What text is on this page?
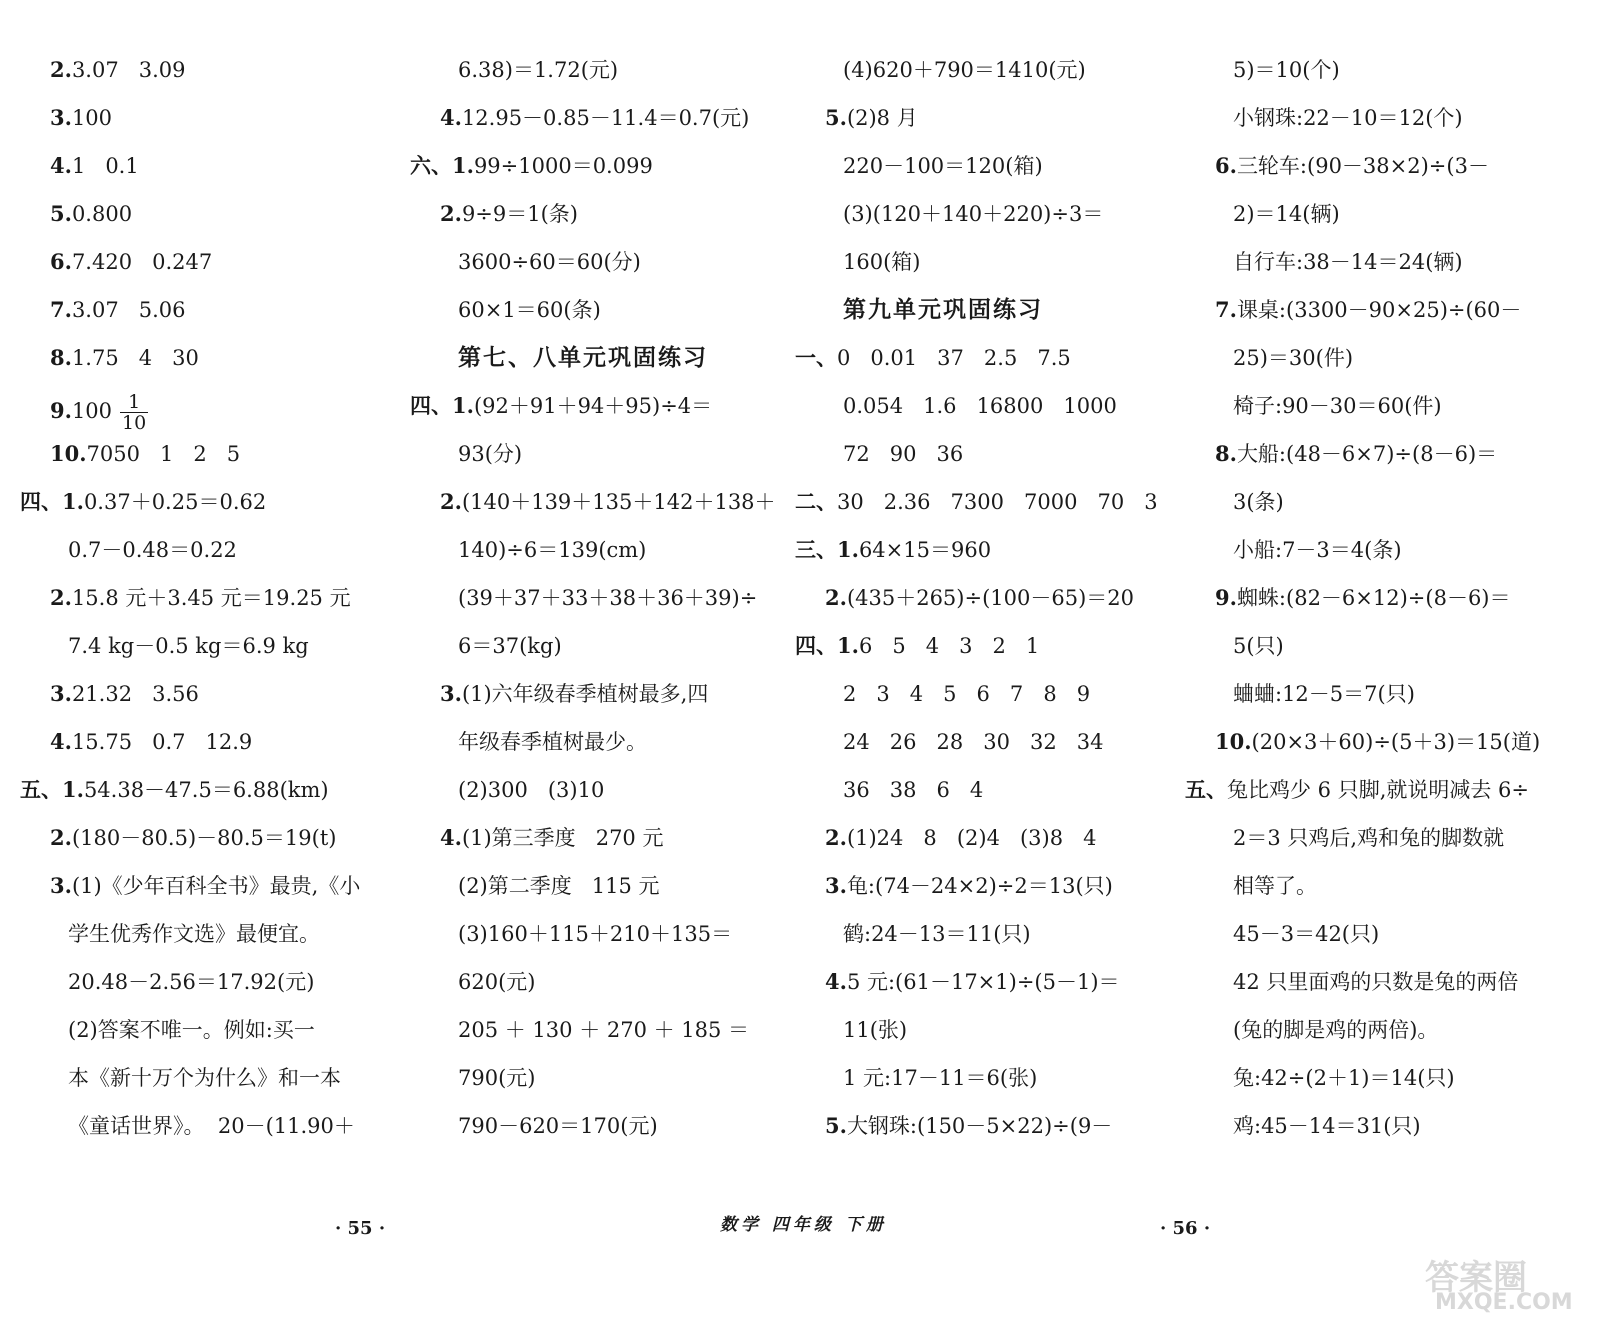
2.3.07   3.09
3.100
4.1   0.1
5.0.800
6.7.420   0.247
7.3.07   5.06
8.1.75   4   30
$9.100 \frac{1}{10}$
10.7050   1   2   5
四、1.0.37＋0.25＝0.62
0.7－0.48＝0.22
2.15.8 元＋3.45 元＝19.25 元
7.4 kg－0.5 kg＝6.9 kg
3.21.32   3.56
4.15.75   0.7   12.9
五、1.54.38－47.5＝6.88(km)
2.(180－80.5)－80.5＝19(t)
3.(1)《少年百科全书》最贵,《小
学生优秀作文选》最便宜。
20.48－2.56＝17.92(元)
(2)答案不唯一。例如:买一
本《新十万个为什么》和一本
《童话世界》。  20－(11.90＋
6.38)＝1.72(元)
4.12.95－0.85－11.4＝0.7(元)
六、1.99÷1000＝0.099
2.9÷9＝1(条)
3600÷60＝60(分)
60×1＝60(条)
第七、八单元巩固练习
四、1.(92＋91＋94＋95)÷4＝
93(分)
2.(140＋139＋135＋142＋138＋
140)÷6＝139(cm)
(39＋37＋33＋38＋36＋39)÷
6＝37(kg)
3.(1)六年级春季植树最多,四
年级春季植树最少。
(2)300   (3)10
4.(1)第三季度   270 元
(2)第二季度   115 元
(3)160＋115＋210＋135＝
620(元)
205 ＋ 130 ＋ 270 ＋ 185 ＝
790(元)
790－620＝170(元)
(4)620＋790＝1410(元)
5.(2)8 月
220－100＝120(箱)
(3)(120＋140＋220)÷3＝
160(箱)
第九单元巩固练习
一、0   0.01   37   2.5   7.5
0.054   1.6   16800   1000
72   90   36
二、30   2.36   7300   7000   70   3
三、1.64×15＝960
2.(435＋265)÷(100－65)＝20
四、1.6   5   4   3   2   1
2   3   4   5   6   7   8   9
24   26   28   30   32   34
36   38   6   4
2.(1)24   8   (2)4   (3)8   4
3.龟:(74－24×2)÷2＝13(只)
鹤:24－13＝11(只)
4.5 元:(61－17×1)÷(5－1)＝
11(张)
1 元:17－11＝6(张)
5.大钢珠:(150－5×22)÷(9－
5)＝10(个)
小钢珠:22－10＝12(个)
6.三轮车:(90－38×2)÷(3－
2)＝14(辆)
自行车:38－14＝24(辆)
7.课桌:(3300－90×25)÷(60－
25)＝30(件)
椅子:90－30＝60(件)
8.大船:(48－6×7)÷(8－6)＝
3(条)
小船:7－3＝4(条)
9.蜘蛛:(82－6×12)÷(8－6)＝
5(只)
蛐蛐:12－5＝7(只)
10.(20×3＋60)÷(5＋3)＝15(道)
五、兔比鸡少 6 只脚,就说明减去 6÷
2＝3 只鸡后,鸡和兔的脚数就
相等了。
45－3＝42(只)
42 只里面鸡的只数是兔的两倍
(兔的脚是鸡的两倍)。
兔:42÷(2＋1)＝14(只)
鸡:45－14＝31(只)
· 55 ·	· 56 ·
数学 四年级 下册
答案圈
MXQE.COM
